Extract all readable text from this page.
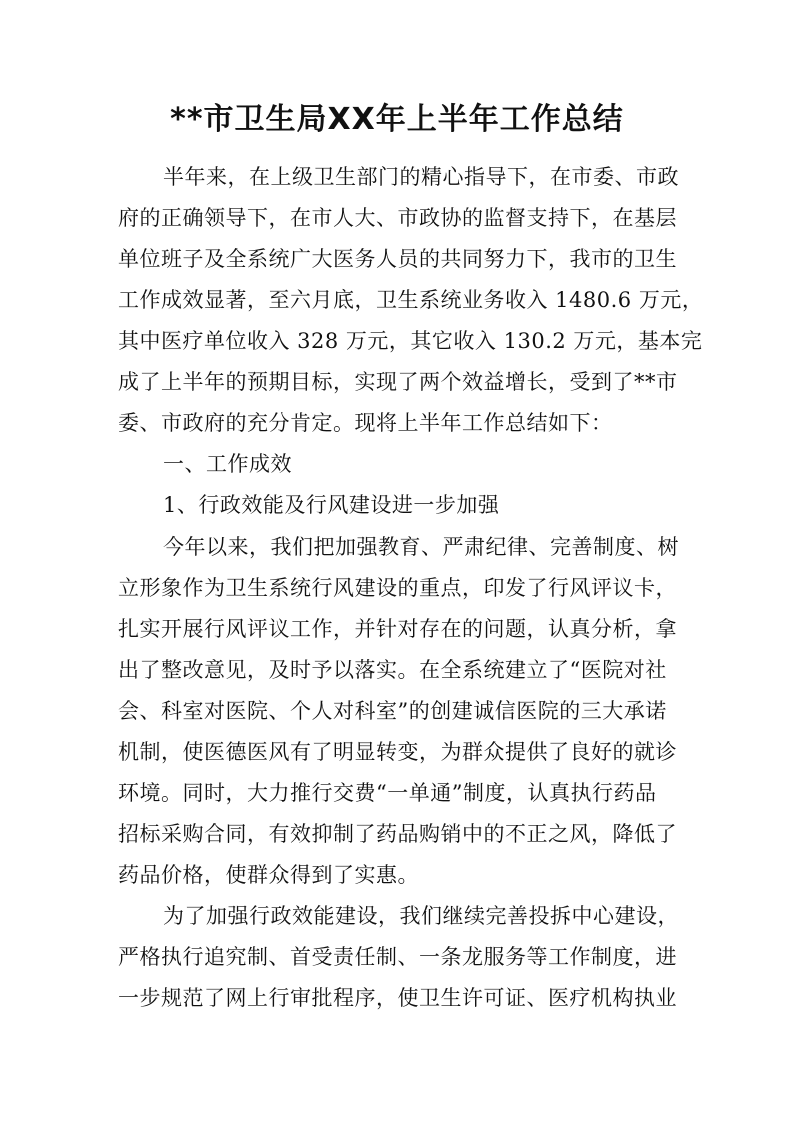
**市卫生局XX年上半年工作总结

半年来，在上级卫生部门的精心指导下，在市委、市政

府的正确领导下，在市人大、市政协的监督支持下，在基层

单位班子及全系统广大医务人员的共同努力下，我市的卫生

工作成效显著，至六月底，卫生系统业务收入 1480.6 万元，

其中医疗单位收入 328 万元，其它收入 130.2 万元，基本完

成了上半年的预期目标，实现了两个效益增长，受到了**市

委、市政府的充分肯定。现将上半年工作总结如下：

一、工作成效

1、行政效能及行风建设进一步加强

今年以来，我们把加强教育、严肃纪律、完善制度、树

立形象作为卫生系统行风建设的重点，印发了行风评议卡，

扎实开展行风评议工作，并针对存在的问题，认真分析，拿

出了整改意见，及时予以落实。在全系统建立了“医院对社

会、科室对医院、个人对科室”的创建诚信医院的三大承诺

机制，使医德医风有了明显转变，为群众提供了良好的就诊

环境。同时，大力推行交费“一单通”制度，认真执行药品

招标采购合同，有效抑制了药品购销中的不正之风，降低了

药品价格，使群众得到了实惠。

为了加强行政效能建设，我们继续完善投拆中心建设，

严格执行追究制、首受责任制、一条龙服务等工作制度，进

一步规范了网上行审批程序，使卫生许可证、医疗机构执业
